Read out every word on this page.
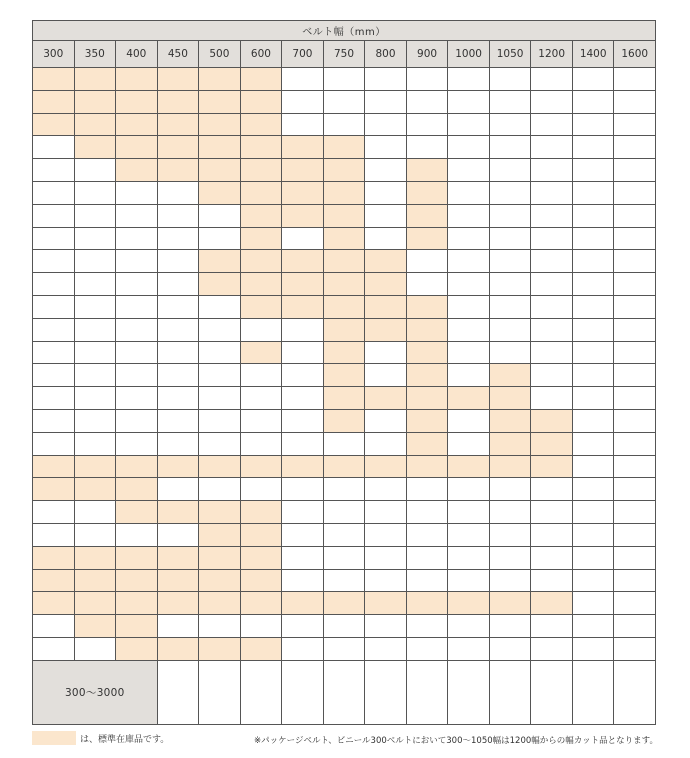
ベルト幅（mm）
300	350	400	450	500	600	700	750	800	900	1000	1050	1200	1400	1600
300〜3000
は、標準在庫品です。	※パッケージベルト、ビニール300ベルトにおいて300〜1050幅は1200幅からの幅カット品となります。
